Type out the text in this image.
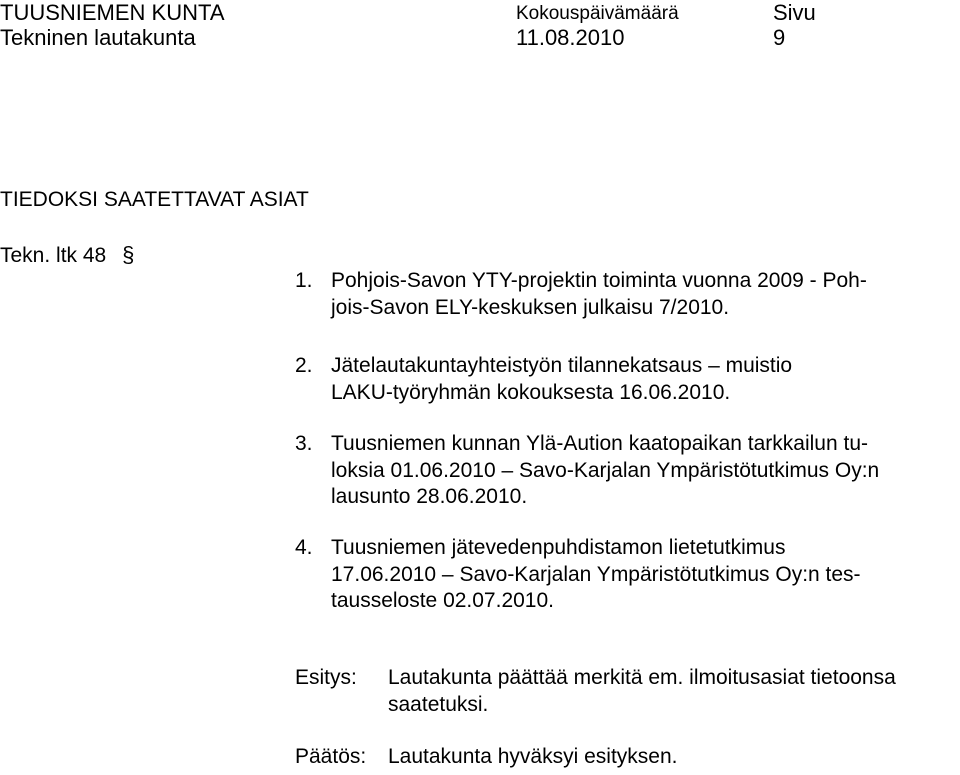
TUUSNIEMEN KUNTA
Tekninen lautakunta
Kokouspäivämäärä
11.08.2010
Sivu
9
TIEDOKSI SAATETTAVAT ASIAT
Tekn. ltk 48 §
1. Pohjois-Savon YTY-projektin toiminta vuonna 2009 - Poh-
jois-Savon ELY-keskuksen julkaisu 7/2010.
2. Jätelautakuntayhteistyön tilannekatsaus – muistio
LAKU-työryhmän kokouksesta 16.06.2010.
3. Tuusniemen kunnan Ylä-Aution kaatopaikan tarkkailun tu-
loksia 01.06.2010 – Savo-Karjalan Ympäristötutkimus Oy:n
lausunto 28.06.2010.
4. Tuusniemen jätevedenpuhdistamon lietetutkimus
17.06.2010 – Savo-Karjalan Ympäristötutkimus Oy:n tes-
tausseloste 02.07.2010.
Esitys: Lautakunta päättää merkitä em. ilmoitusasiat tietoonsa
saatetuksi.
Päätös: Lautakunta hyväksyi esityksen.
